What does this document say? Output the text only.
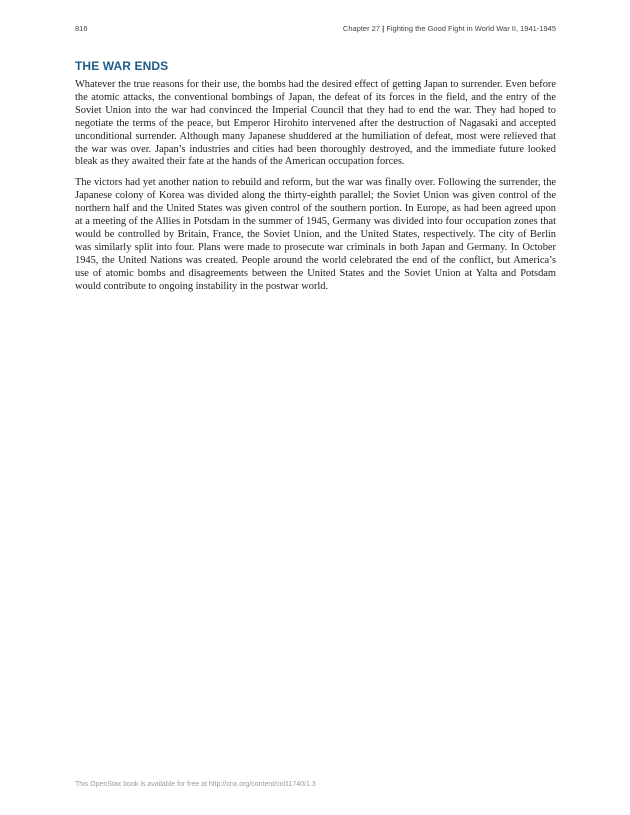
816	Chapter 27 | Fighting the Good Fight in World War II, 1941-1945
THE WAR ENDS

Whatever the true reasons for their use, the bombs had the desired effect of getting Japan to surrender. Even before the atomic attacks, the conventional bombings of Japan, the defeat of its forces in the field, and the entry of the Soviet Union into the war had convinced the Imperial Council that they had to end the war. They had hoped to negotiate the terms of the peace, but Emperor Hirohito intervened after the destruction of Nagasaki and accepted unconditional surrender. Although many Japanese shuddered at the humiliation of defeat, most were relieved that the war was over. Japan’s industries and cities had been thoroughly destroyed, and the immediate future looked bleak as they awaited their fate at the hands of the American occupation forces.

The victors had yet another nation to rebuild and reform, but the war was finally over. Following the surrender, the Japanese colony of Korea was divided along the thirty-eighth parallel; the Soviet Union was given control of the northern half and the United States was given control of the southern portion. In Europe, as had been agreed upon at a meeting of the Allies in Potsdam in the summer of 1945, Germany was divided into four occupation zones that would be controlled by Britain, France, the Soviet Union, and the United States, respectively. The city of Berlin was similarly split into four. Plans were made to prosecute war criminals in both Japan and Germany. In October 1945, the United Nations was created. People around the world celebrated the end of the conflict, but America’s use of atomic bombs and disagreements between the United States and the Soviet Union at Yalta and Potsdam would contribute to ongoing instability in the postwar world.

This OpenStax book is available for free at http://cnx.org/content/col11740/1.3
